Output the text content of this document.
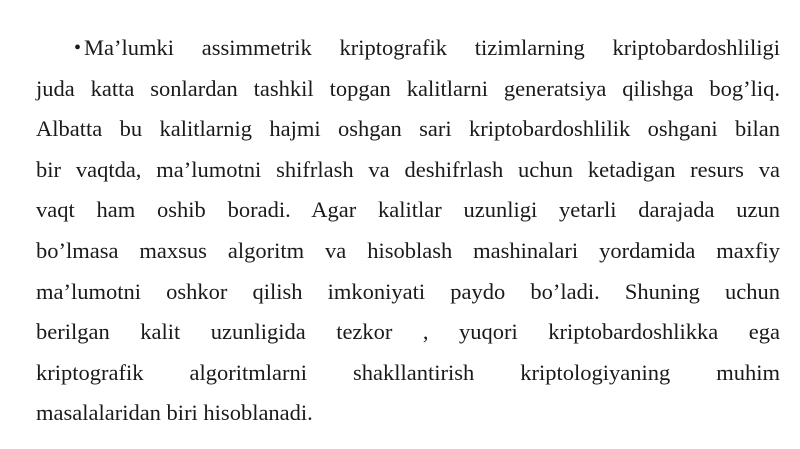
• Ma’lumki assimmetrik kriptografik tizimlarning kriptobardoshliligi
juda katta sonlardan tashkil topgan kalitlarni generatsiya qilishga bog’liq.
Albatta bu kalitlarnig hajmi oshgan sari kriptobardoshlilik oshgani bilan
bir vaqtda, ma’lumotni shifrlash va deshifrlash uchun ketadigan resurs va
vaqt ham oshib boradi. Agar kalitlar uzunligi yetarli darajada uzun
bo’lmasa maxsus algoritm va hisoblash mashinalari yordamida maxfiy
ma’lumotni oshkor qilish imkoniyati paydo bo’ladi. Shuning uchun
berilgan kalit uzunligida tezkor , yuqori kriptobardoshlikka ega
kriptografik algoritmlarni shakllantirish kriptologiyaning muhim
masalalaridan biri hisoblanadi.
